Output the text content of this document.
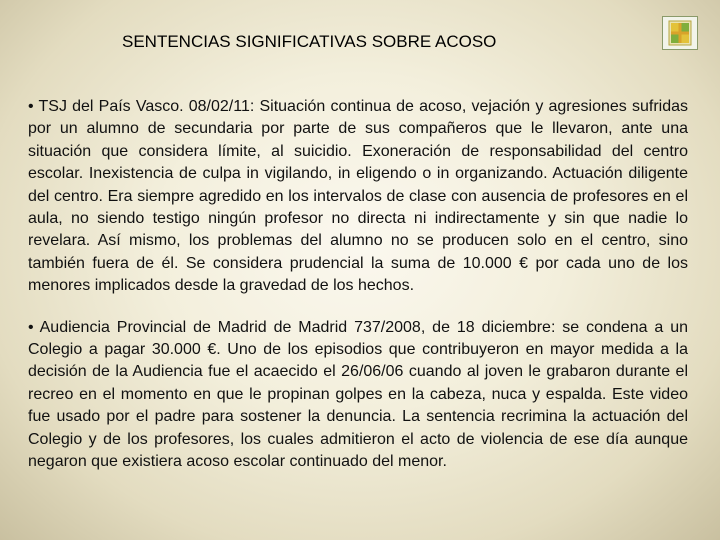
SENTENCIAS SIGNIFICATIVAS SOBRE ACOSO

• TSJ del País Vasco. 08/02/11: Situación continua de acoso, vejación y agresiones sufridas por un alumno de secundaria por parte de sus compañeros que le llevaron, ante una situación que considera límite, al suicidio. Exoneración de responsabilidad del centro escolar. Inexistencia de culpa in vigilando, in eligendo o in organizando. Actuación diligente del centro. Era siempre agredido en los intervalos de clase con ausencia de profesores en el aula, no siendo testigo ningún profesor no directa ni indirectamente y sin que nadie lo revelara. Así mismo, los problemas del alumno no se producen solo en el centro, sino también fuera de él. Se considera prudencial la suma de 10.000 € por cada uno de los menores implicados desde la gravedad de los hechos.

• Audiencia Provincial de Madrid de Madrid 737/2008, de 18 diciembre: se condena a un Colegio a pagar 30.000 €. Uno de los episodios que contribuyeron en mayor medida a la decisión de la Audiencia fue el acaecido el 26/06/06 cuando al joven le grabaron durante el recreo en el momento en que le propinan golpes en la cabeza, nuca y espalda. Este video fue usado por el padre para sostener la denuncia. La sentencia recrimina la actuación del Colegio y de los profesores, los cuales admitieron el acto de violencia de ese día aunque negaron que existiera acoso escolar continuado del menor.
